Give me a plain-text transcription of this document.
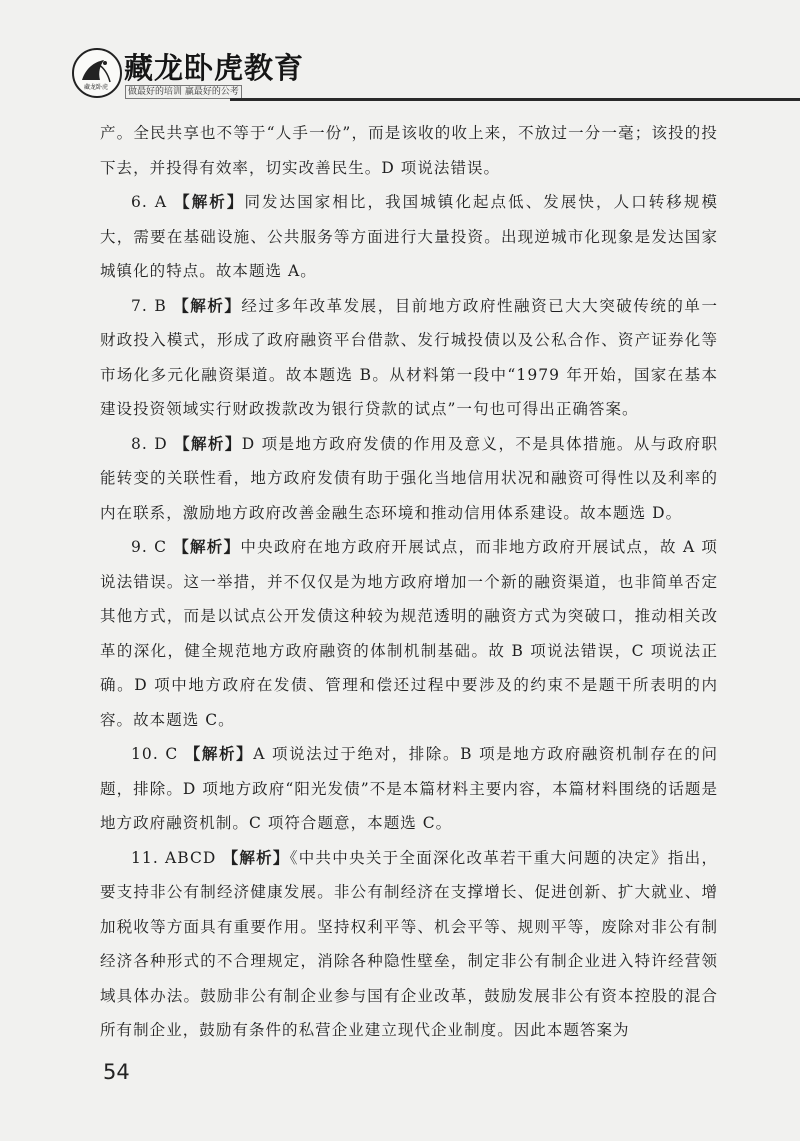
藏龙卧虎
藏龙卧虎教育
做最好的培训 赢最好的公考

产。全民共享也不等于“人手一份”，而是该收的收上来，不放过一分一毫；该投的投下去，并投得有效率，切实改善民生。D 项说法错误。

6. A 【解析】同发达国家相比，我国城镇化起点低、发展快，人口转移规模大，需要在基础设施、公共服务等方面进行大量投资。出现逆城市化现象是发达国家城镇化的特点。故本题选 A。

7. B 【解析】经过多年改革发展，目前地方政府性融资已大大突破传统的单一财政投入模式，形成了政府融资平台借款、发行城投债以及公私合作、资产证券化等市场化多元化融资渠道。故本题选 B。从材料第一段中“1979 年开始，国家在基本建设投资领域实行财政拨款改为银行贷款的试点”一句也可得出正确答案。

8. D 【解析】D 项是地方政府发债的作用及意义，不是具体措施。从与政府职能转变的关联性看，地方政府发债有助于强化当地信用状况和融资可得性以及利率的内在联系，激励地方政府改善金融生态环境和推动信用体系建设。故本题选 D。

9. C 【解析】中央政府在地方政府开展试点，而非地方政府开展试点，故 A 项说法错误。这一举措，并不仅仅是为地方政府增加一个新的融资渠道，也非简单否定其他方式，而是以试点公开发债这种较为规范透明的融资方式为突破口，推动相关改革的深化，健全规范地方政府融资的体制机制基础。故 B 项说法错误，C 项说法正确。D 项中地方政府在发债、管理和偿还过程中要涉及的约束不是题干所表明的内容。故本题选 C。

10. C 【解析】A 项说法过于绝对，排除。B 项是地方政府融资机制存在的问题，排除。D 项地方政府“阳光发债”不是本篇材料主要内容，本篇材料围绕的话题是地方政府融资机制。C 项符合题意，本题选 C。

11. ABCD 【解析】《中共中央关于全面深化改革若干重大问题的决定》指出，要支持非公有制经济健康发展。非公有制经济在支撑增长、促进创新、扩大就业、增加税收等方面具有重要作用。坚持权利平等、机会平等、规则平等，废除对非公有制经济各种形式的不合理规定，消除各种隐性壁垒，制定非公有制企业进入特许经营领域具体办法。鼓励非公有制企业参与国有企业改革，鼓励发展非公有资本控股的混合所有制企业，鼓励有条件的私营企业建立现代企业制度。因此本题答案为

54
